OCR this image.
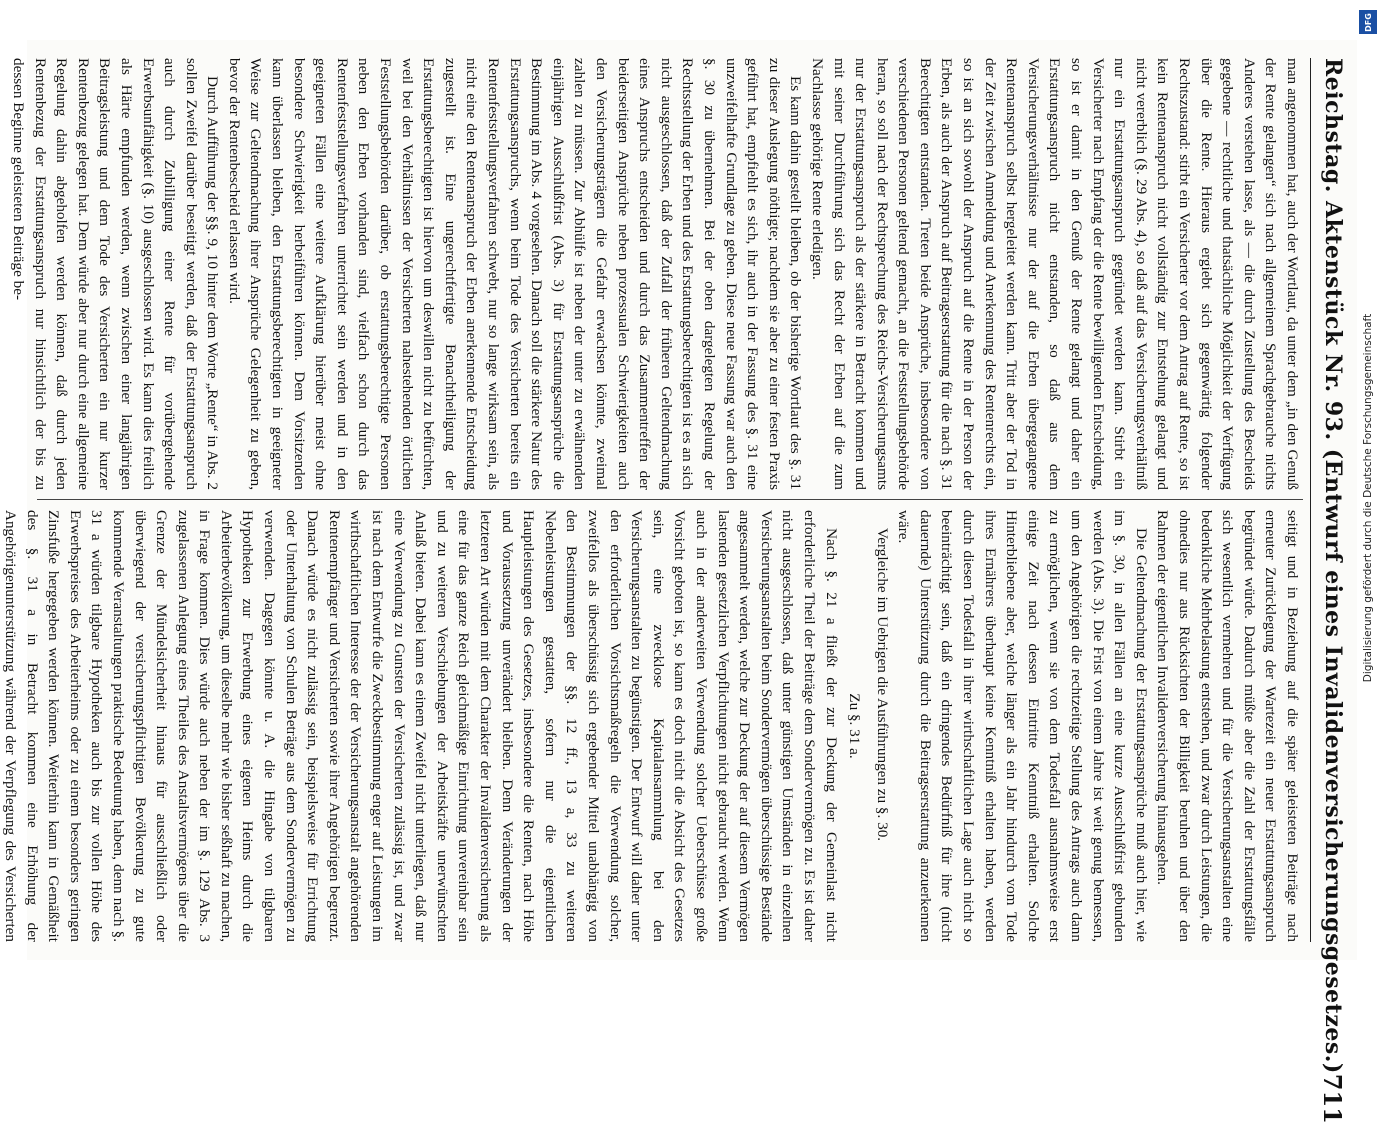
Reichstag. Aktenstück Nr. 93. (Entwurf eines Invalidenversicherungsgesetzes.)
711

man angenommen hat, auch der Wortlaut, da unter dem „in den Genuß der Rente gelangen“ sich nach allgemeinem Sprachgebrauche nichts Anderes verstehen lasse, als — die durch Zustellung des Bescheids gegebene — rechtliche und thatsächliche Möglichkeit der Verfügung über die Rente. Hieraus ergiebt sich gegenwärtig folgender Rechtszustand: stirbt ein Versicherter vor dem Antrag auf Rente, so ist kein Rentenanspruch nicht vollständig zur Entstehung gelangt und nicht vererblich (§. 29 Abs. 4), so daß auf das Versicherungsverhältniß nur ein Erstattungsanspruch gegründet werden kann. Stirbt ein Versicherter nach Empfang der die Rente bewilligenden Entscheidung, so ist er damit in den Genuß der Rente gelangt und daher ein Erstattungsanspruch nicht entstanden, so daß aus dem Versicherungsverhältnisse nur der auf die Erben übergegangene Rentenanspruch selbst hergeleitet werden kann. Tritt aber der Tod in der Zeit zwischen Anmeldung und Anerkennung des Rentenrechts ein, so ist an sich sowohl der Anspruch auf die Rente in der Person der Erben, als auch der Anspruch auf Beitragserstattung für die nach §. 31 Berechtigten entstanden. Treten beide Ansprüche, insbesondere von verschiedenen Personen geltend gemacht, an die Feststellungsbehörde heran, so soll nach der Rechtsprechung des Reichs-Versicherungsamts nur der Erstattungsanspruch als der stärkere in Betracht kommen und mit seiner Durchführung sich das Recht der Erben auf die zum Nachlasse gehörige Rente erledigen.

Es kann dahin gestellt bleiben, ob der bisherige Wortlaut des §. 31 zu dieser Auslegung nöthigte; nachdem sie aber zu einer festen Praxis geführt hat, empfiehlt es sich, ihr auch in der Fassung des §. 31 eine unzweifelhafte Grundlage zu geben. Diese neue Fassung war auch den §. 30 zu übernehmen. Bei der oben dargelegten Regelung der Rechtsstellung der Erben und des Erstattungsberechtigten ist es an sich nicht ausgeschlossen, daß der Zufall der früheren Geltendmachung eines Anspruchs entscheiden und durch das Zusammentreffen der beiderseitigen Ansprüche neben prozessualen Schwierigkeiten auch den Versicherungsträgern die Gefahr erwachsen könnte, zweimal zahlen zu müssen. Zur Abhülfe ist neben der unter zu erwähnenden einjährigen Ausschlußfrist (Abs. 3) für Erstattungsansprüche die Bestimmung im Abs. 4 vorgesehen. Danach soll die stärkere Natur des Erstattungsanspruchs, wenn beim Tode des Versicherten bereits ein Rentenfeststellungsverfahren schwebt, nur so lange wirksam sein, als nicht eine den Rentenanspruch der Erben anerkennende Entscheidung zugestellt ist. Eine ungerechtfertigte Benachtheiligung der Erstattungsberechtigten ist hiervon um deswillen nicht zu befürchten, weil bei den Verhältnissen der Versicherten nahestehenden örtlichen Feststellungsbehörden darüber, ob erstattungsberechtigte Personen neben den Erben vorhanden sind, vielfach schon durch das Rentenfeststellungsverfahren unterrichtet sein werden und in den geeigneten Fällen eine weitere Aufklärung hierüber meist ohne besondere Schwierigkeit herbeiführen können. Dem Vorsitzenden kann überlassen bleiben, den Erstattungsberechtigten in geeigneter Weise zur Geltendmachung ihrer Ansprüche Gelegenheit zu geben, bevor der Rentenbescheid erlassen wird.

Durch Aufführung der §§. 9, 10 hinter dem Worte „Rente“ in Abs. 2 sollen Zweifel darüber beseitigt werden, daß der Erstattungsanspruch auch durch Zubilligung einer Rente für vorübergehende Erwerbsunfähigkeit (§. 10) ausgeschlossen wird. Es kann dies freilich als Härte empfunden werden, wenn zwischen einer langjährigen Beitragsleistung und dem Tode des Versicherten ein nur kurzer Rentenbezug gelegen hat. Dem würde aber nur durch eine allgemeine Regelung dahin abgeholfen werden können, daß durch jeden Rentenbezug der Erstattungsanspruch nur hinsichtlich der bis zu dessen Beginne geleisteten Beiträge be-

seitigt und in Beziehung auf die später geleisteten Beiträge nach erneuter Zurücklegung der Wartezeit ein neuer Erstattungsanspruch begründet würde. Dadurch müßte aber die Zahl der Erstattungsfälle sich wesentlich vermehren und für die Versicherungsanstalten eine bedenkliche Mehrbelastung entstehen, und zwar durch Leistungen, die ohnedies nur aus Rücksichten der Billigkeit beruhen und über den Rahmen der eigentlichen Invalidenversicherung hinausgehen.

Die Geltendmachung der Erstattungsansprüche muß auch hier, wie im §. 30, in allen Fällen an eine kurze Ausschlußfrist gebunden werden (Abs. 3). Die Frist von einem Jahre ist weit genug bemessen, um den Angehörigen die rechtzeitige Stellung des Antrags auch dann zu ermöglichen, wenn sie von dem Todesfall ausnahmsweise erst einige Zeit nach dessen Eintritte Kenntniß erhalten. Solche Hinterbliebene aber, welche länger als ein Jahr hindurch vom Tode ihres Ernährers überhaupt keine Kenntniß erhalten haben, werden durch diesen Todesfall in ihrer wirthschaftlichen Lage auch nicht so beeinträchtigt sein, daß ein dringendes Bedürfniß für ihre (nicht dauernde) Unterstützung durch die Beitragserstattung anzuerkennen wäre.

Vergleiche im Uebrigen die Ausführungen zu §. 30.

Zu §. 31 a.

Nach §. 21 a fließt der zur Deckung der Gemeinlast nicht erforderliche Theil der Beiträge dem Sondervermögen zu. Es ist daher nicht ausgeschlossen, daß unter günstigen Umständen in einzelnen Versicherungsanstalten beim Sondervermögen überschüssige Bestände angesammelt werden, welche zur Deckung der auf diesem Vermögen lastenden gesetzlichen Verpflichtungen nicht gebraucht werden. Wenn auch in der anderweiten Verwendung solcher Ueberschüsse große Vorsicht geboten ist, so kann es doch nicht die Absicht des Gesetzes sein, eine zwecklose Kapitalansammlung bei den Versicherungsanstalten zu begünstigen. Der Entwurf will daher unter den erforderlichen Vorsichtsmaßregeln die Verwendung solcher, zweifellos als überschüssig sich ergebender Mittel unabhängig von den Bestimmungen der §§. 12 ff., 13 a, 33 zu weiteren Nebenleistungen gestatten, sofern nur die eigentlichen Hauptleistungen des Gesetzes, insbesondere die Renten, nach Höhe und Voraussetzung unverändert bleiben. Denn Veränderungen der letzteren Art würden mit dem Charakter der Invalidenversicherung als eine für das ganze Reich gleichmäßige Einrichtung unvereinbar sein und zu weiteren Verschiebungen der Arbeitskräfte unerwünschten Anlaß bieten. Dabei kann es einem Zweifel nicht unterliegen, daß nur eine Verwendung zu Gunsten der Versicherten zulässig ist, und zwar ist nach dem Entwurfe die Zweckbestimmung enger auf Leistungen im wirthschaftlichen Interesse der der Versicherungsanstalt angehörenden Rentenempfänger und Versicherten sowie ihrer Angehörigen begrenzt. Danach würde es nicht zulässig sein, beispielsweise für Errichtung oder Unterhaltung von Schulen Beträge aus dem Sondervermögen zu verwenden. Dagegen könnte u. A. die Hingabe von tilgbaren Hypotheken zur Erwerbung eines eigenen Heims durch die Arbeiterbevölkerung, um dieselbe mehr wie bisher seßhaft zu machen, in Frage kommen. Dies würde auch neben der im §. 129 Abs. 3 zugelassenen Anlegung eines Theiles des Anstaltsvermögens über die Grenze der Mündelsicherheit hinaus für ausschließlich oder überwiegend der versicherungspflichtigen Bevölkerung zu gute kommende Veranstaltungen praktische Bedeutung haben, denn nach §. 31 a würden tilgbare Hypotheken auch bis zur vollen Höhe des Erwerbspreises des Arbeiterheims oder zu einem besonders geringen Zinsfuße hergegeben werden können. Weiterhin kann in Gemäßheit des §. 31 a in Betracht kommen eine Erhöhung der Angehörigenunterstützung während der Verpflegung des Versicherten

DFG
Digitalisierung gefördert durch die Deutsche Forschungsgemeinschaft
